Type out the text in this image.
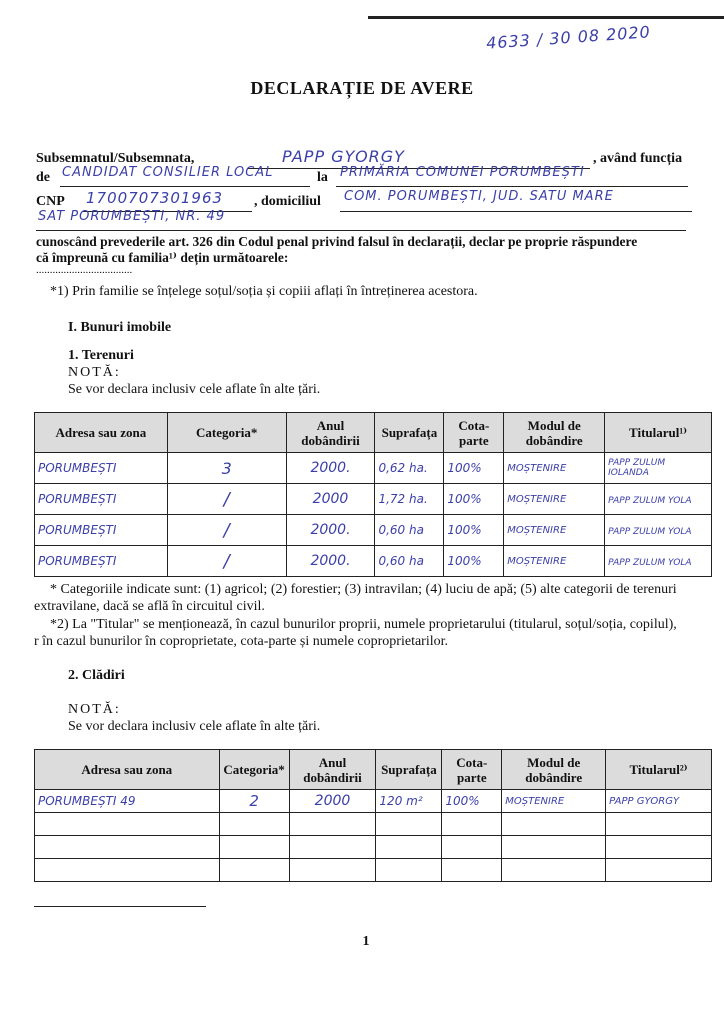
4633 / 30 08 2020
DECLARAȚIE DE AVERE
Subsemnatul/Subsemnata,	PAPP GYORGY	, având funcția
de CANDIDAT CONSILIER LOCAL	la PRIMĂRIA COMUNEI PORUMBEȘTI
CNP 1700707301963 , domiciliul COM. PORUMBEȘTI, JUD. SATU MARE
SAT PORUMBEȘTI, NR. 49
cunoscând prevederile art. 326 din Codul penal privind falsul în declarații, declar pe proprie răspundere
că împreună cu familia¹⁾ dețin următoarele:
...................................
*1) Prin familie se înțelege soțul/soția și copiii aflați în întreținerea acestora.
I. Bunuri imobile
1. Terenuri
NOTĂ:
Se vor declara inclusiv cele aflate în alte țări.
Adresa sau zona	Categoria*	Anul dobândirii	Suprafața	Cota-parte	Modul de dobândire	Titularul¹⁾
PORUMBEȘTI	3	2000.	0,62 ha.	100%	MOȘTENIRE	PAPP ZULUM IOLANDA
PORUMBEȘTI	/	2000	1,72 ha.	100%	MOȘTENIRE	PAPP ZULUM YOLA
PORUMBEȘTI	/	2000.	0,60 ha	100%	MOȘTENIRE	PAPP ZULUM YOLA
PORUMBEȘTI	/	2000.	0,60 ha	100%	MOȘTENIRE	PAPP ZULUM YOLA
* Categoriile indicate sunt: (1) agricol; (2) forestier; (3) intravilan; (4) luciu de apă; (5) alte categorii de terenuri
extravilane, dacă se află în circuitul civil.
*2) La "Titular" se menționează, în cazul bunurilor proprii, numele proprietarului (titularul, soțul/soția, copilul),
r în cazul bunurilor în coproprietate, cota-parte și numele coproprietarilor.
2. Clădiri
NOTĂ:
Se vor declara inclusiv cele aflate în alte țări.
Adresa sau zona	Categoria*	Anul dobândirii	Suprafața	Cota-parte	Modul de dobândire	Titularul²⁾
PORUMBEȘTI 49	2	2000	120 m²	100%	MOȘTENIRE	PAPP GYORGY

1
